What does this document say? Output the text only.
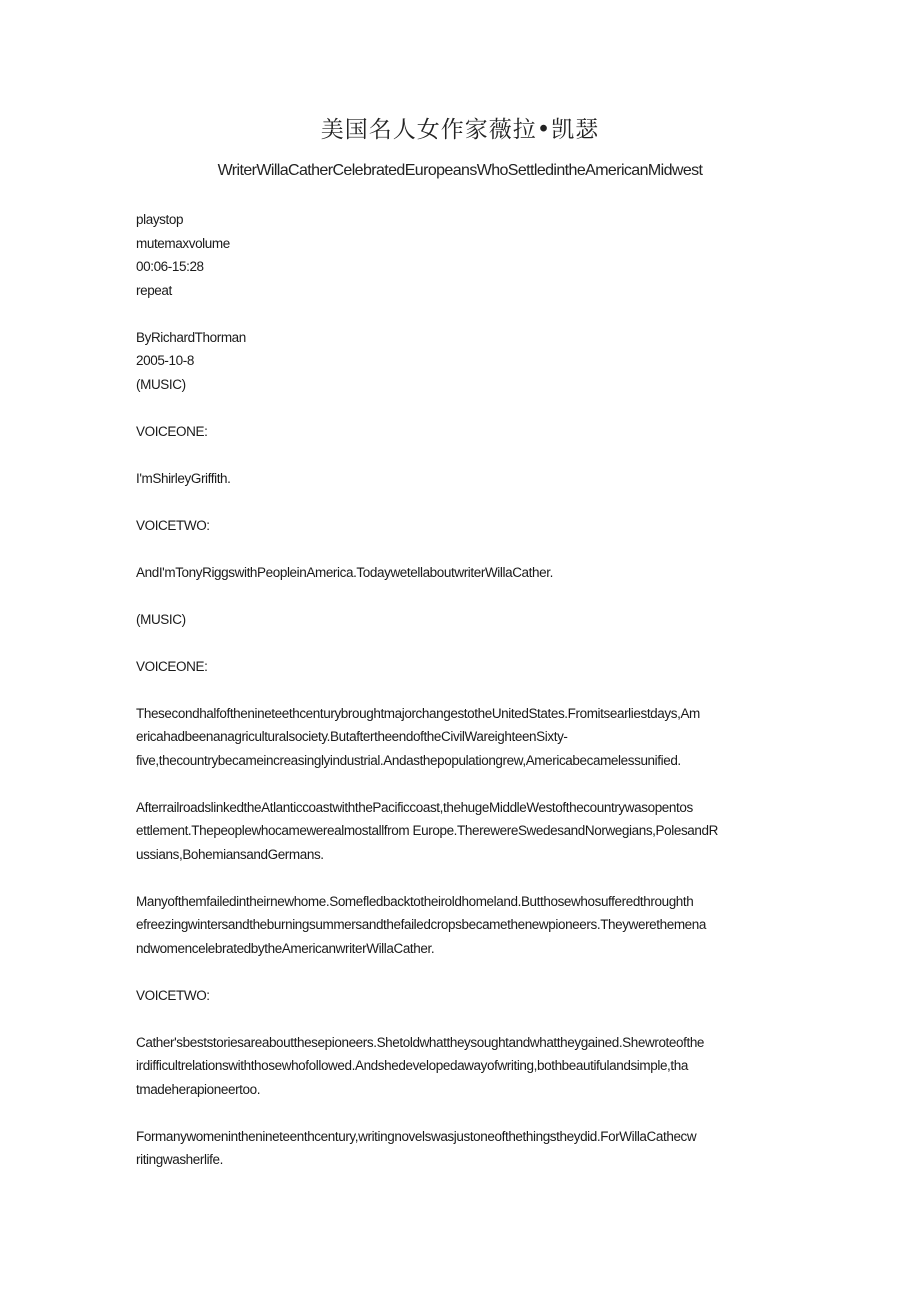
美国名人女作家薇拉•凯瑟
WriterWillaCatherCelebratedEuropeansWhoSettledintheAmericanMidwest
playstop
mutemaxvolume
00:06-15:28
repeat
ByRichardThorman
2005-10-8
(MUSIC)
VOICEONE:
I'mShirleyGriffith.
VOICETWO:
AndI'mTonyRiggswithPeopleinAmerica.TodaywetellaboutwriterWillaCather.
(MUSIC)
VOICEONE:
ThesecondhalfofthenineteethcenturybroughtmajorchangestotheUnitedStates.Fromitsearliestdays,Am
ericahadbeenanagriculturalsociety.ButaftertheendoftheCivilWareighteenSixty-
five,thecountrybecameincreasinglyindustrial.Andasthepopulationgrew,Americabecamelessunified.
AfterrailroadslinkedtheAtlanticcoastwiththePacificcoast,thehugeMiddleWestofthecountrywasopentos
ettlement.Thepeoplewhocamewerealmostallfrom Europe.TherewereSwedesandNorwegians,PolesandR
ussians,BohemiansandGermans.
Manyofthemfailedintheirnewhome.Somefledbacktotheiroldhomeland.Butthosewhosufferedthroughth
efreezingwintersandtheburningsummersandthefailedcropsbecamethenewpioneers.Theywerethemena
ndwomencelebratedbytheAmericanwriterWillaCather.
VOICETWO:
Cather'sbeststoriesareaboutthesepioneers.Shetoldwhattheysoughtandwhattheygained.Shewroteofthe
irdifficultrelationswiththosewhofollowed.Andshedevelopedawayofwriting,bothbeautifulandsimple,tha
tmadeherapioneertoo.
Formanywomeninthenineteenthcentury,writingnovelswasjustoneofthethingstheydid.ForWillaCathecw
ritingwasherlife.
